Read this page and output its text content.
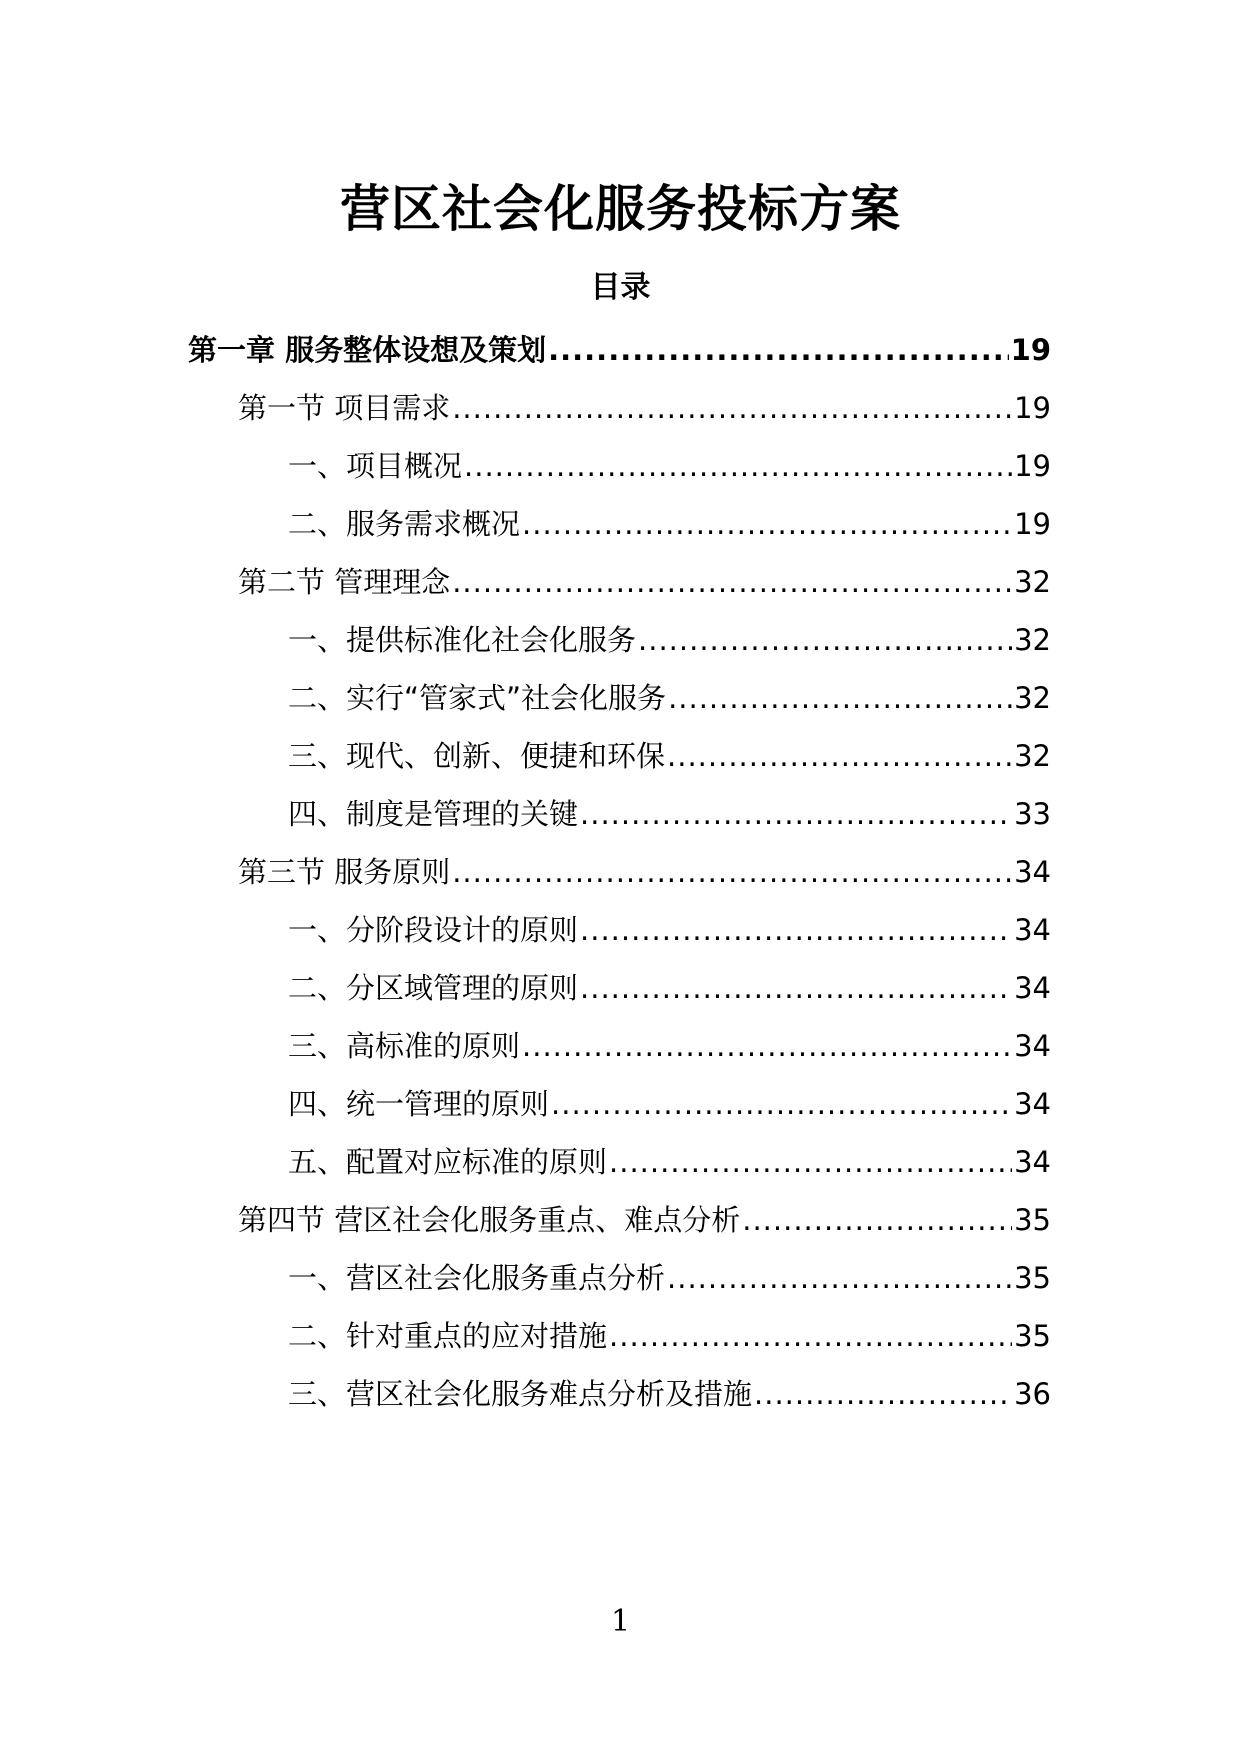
营区社会化服务投标方案
目录
第一章 服务整体设想及策划 .....	19
第一节 项目需求 .....	19
一、项目概况 .....	19
二、服务需求概况 .....	19
第二节 管理理念 .....	32
一、提供标准化社会化服务 .....	32
二、实行“管家式”社会化服务 .....	32
三、现代、创新、便捷和环保 .....	32
四、制度是管理的关键 .....	33
第三节 服务原则 .....	34
一、分阶段设计的原则 .....	34
二、分区域管理的原则 .....	34
三、高标准的原则 .....	34
四、统一管理的原则 .....	34
五、配置对应标准的原则 .....	34
第四节 营区社会化服务重点、难点分析 .....	35
一、营区社会化服务重点分析 .....	35
二、针对重点的应对措施 .....	35
三、营区社会化服务难点分析及措施 .....	36
1
